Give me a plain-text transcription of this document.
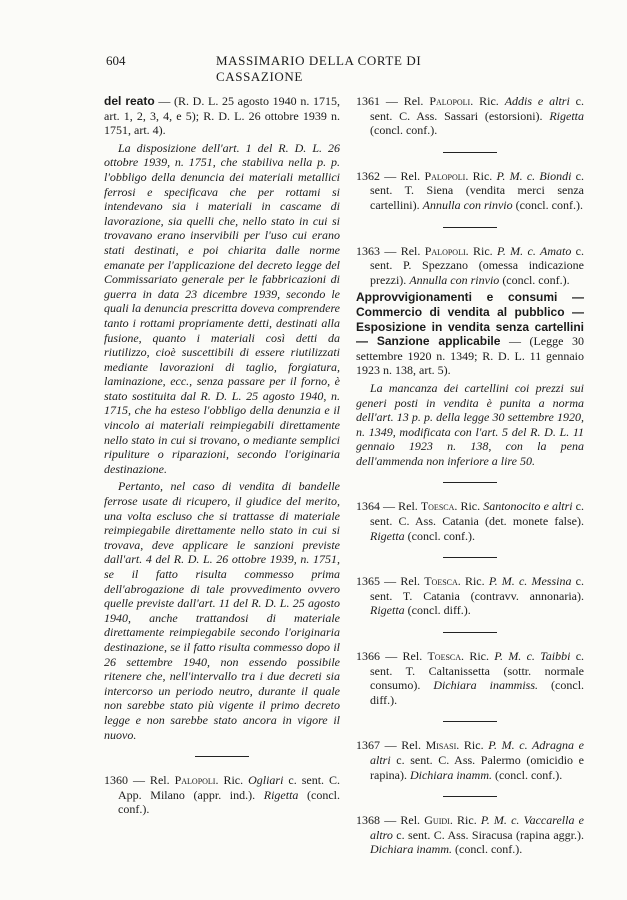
604	MASSIMARIO DELLA CORTE DI CASSAZIONE

del reato — (R. D. L. 25 agosto 1940 n. 1715, art. 1, 2, 3, 4, e 5); R. D. L. 26 ottobre 1939 n. 1751, art. 4).

La disposizione dell'art. 1 del R. D. L. 26 ottobre 1939, n. 1751, che stabiliva nella p. p. l'obbligo della denuncia dei materiali metallici ferrosi e specificava che per rottami si intendevano sia i materiali in cascame di lavorazione, sia quelli che, nello stato in cui si trovavano erano inservibili per l'uso cui erano stati destinati, e poi chiarita dalle norme emanate per l'applicazione del decreto legge del Commissariato generale per le fabbricazioni di guerra in data 23 dicembre 1939, secondo le quali la denuncia prescritta doveva comprendere tanto i rottami propriamente detti, destinati alla fusione, quanto i materiali così detti da riutilizzo, cioè suscettibili di essere riutilizzati mediante lavorazioni di taglio, forgiatura, laminazione, ecc., senza passare per il forno, è stato sostituita dal R. D. L. 25 agosto 1940, n. 1715, che ha esteso l'obbligo della denunzia e il vincolo ai materiali reimpiegabili direttamente nello stato in cui si trovano, o mediante semplici ripuliture o riparazioni, secondo l'originaria destinazione.

Pertanto, nel caso di vendita di bandelle ferrose usate di ricupero, il giudice del merito, una volta escluso che si trattasse di materiale reimpiegabile direttamente nello stato in cui si trovava, deve applicare le sanzioni previste dall'art. 4 del R. D. L. 26 ottobre 1939, n. 1751, se il fatto risulta commesso prima dell'abrogazione di tale provvedimento ovvero quelle previste dall'art. 11 del R. D. L. 25 agosto 1940, anche trattandosi di materiale direttamente reimpiegabile secondo l'originaria destinazione, se il fatto risulta commesso dopo il 26 settembre 1940, non essendo possibile ritenere che, nell'intervallo tra i due decreti sia intercorso un periodo neutro, durante il quale non sarebbe stato più vigente il primo decreto legge e non sarebbe stato ancora in vigore il nuovo.

1360 — Rel. Palopoli. Ric. Ogliari c. sent. C. App. Milano (appr. ind.). Rigetta (concl. conf.).

1361 — Rel. Palopoli. Ric. Addis e altri c. sent. C. Ass. Sassari (estorsioni). Rigetta (concl. conf.).

1362 — Rel. Palopoli. Ric. P. M. c. Biondi c. sent. T. Siena (vendita merci senza cartellini). Annulla con rinvio (concl. conf.).

1363 — Rel. Palopoli. Ric. P. M. c. Amato c. sent. P. Spezzano (omessa indicazione prezzi). Annulla con rinvio (concl. conf.).

Approvvigionamenti e consumi — Commercio di vendita al pubblico — Esposizione in vendita senza cartellini — Sanzione applicabile — (Legge 30 settembre 1920 n. 1349; R. D. L. 11 gennaio 1923 n. 138, art. 5).

La mancanza dei cartellini coi prezzi sui generi posti in vendita è punita a norma dell'art. 13 p. p. della legge 30 settembre 1920, n. 1349, modificata con l'art. 5 del R. D. L. 11 gennaio 1923 n. 138, con la pena dell'ammenda non inferiore a lire 50.

1364 — Rel. Toesca. Ric. Santonocito e altri c. sent. C. Ass. Catania (det. monete false). Rigetta (concl. conf.).

1365 — Rel. Toesca. Ric. P. M. c. Messina c. sent. T. Catania (contravv. annonaria). Rigetta (concl. diff.).

1366 — Rel. Toesca. Ric. P. M. c. Taibbi c. sent. T. Caltanissetta (sottr. normale consumo). Dichiara inammiss. (concl. diff.).

1367 — Rel. Misasi. Ric. P. M. c. Adragna e altri c. sent. C. Ass. Palermo (omicidio e rapina). Dichiara inamm. (concl. conf.).

1368 — Rel. Guidi. Ric. P. M. c. Vaccarella e altro c. sent. C. Ass. Siracusa (rapina aggr.). Dichiara inamm. (concl. conf.).
